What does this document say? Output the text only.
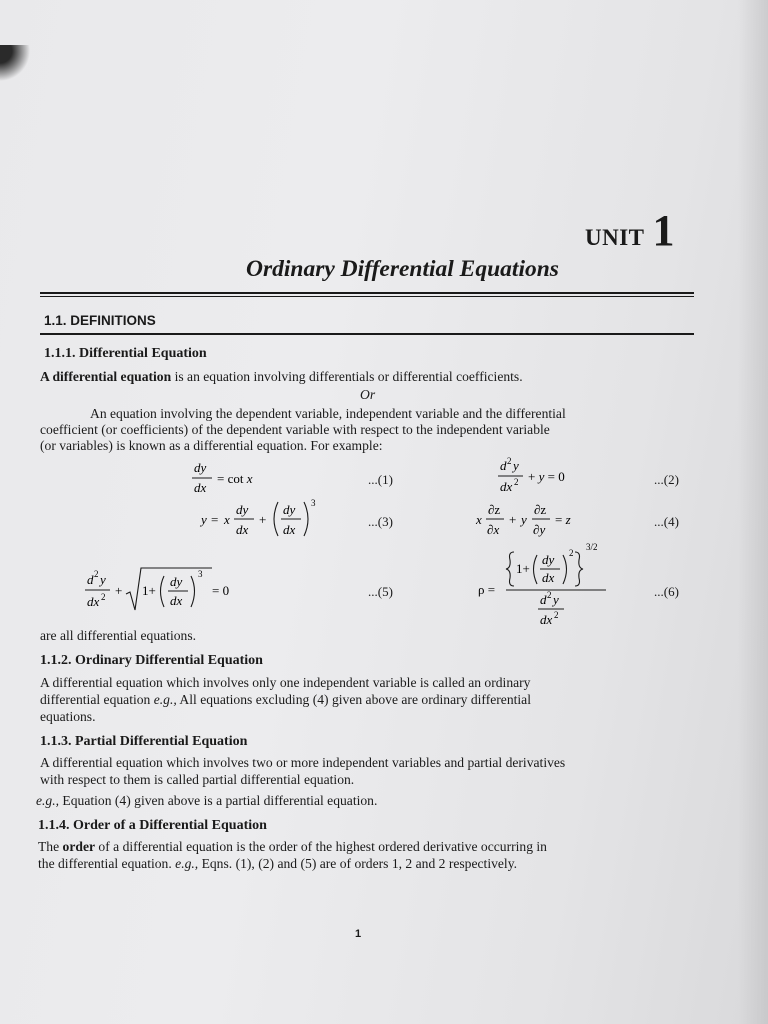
UNIT 1
Ordinary Differential Equations
1.1. DEFINITIONS
1.1.1. Differential Equation
A differential equation is an equation involving differentials or differential coefficients.
Or
An equation involving the dependent variable, independent variable and the differential
coefficient (or coefficients) of the dependent variable with respect to the independent variable
(or variables) is known as a differential equation. For example:
dy
dx
= cot x	...(1)
d 2 y
dx 2 + y = 0	...(2)
y = x
dy
dx
+
dy
dx
3
...(3)	x
∂z
∂x
+ y
∂z
∂y
= z	...(4)
d 2 y
dx 2 + 1+
dy
dx
3
= 0	...(5)	ρ =
1+
dy
dx
2
3/2
d 2 y
dx 2
...(6)
are all differential equations.
1.1.2. Ordinary Differential Equation
A differential equation which involves only one independent variable is called an ordinary
differential equation e.g., All equations excluding (4) given above are ordinary differential
equations.
1.1.3. Partial Differential Equation
A differential equation which involves two or more independent variables and partial derivatives
with respect to them is called partial differential equation.
e.g., Equation (4) given above is a partial differential equation.
1.1.4. Order of a Differential Equation
The order of a differential equation is the order of the highest ordered derivative occurring in
the differential equation. e.g., Eqns. (1), (2) and (5) are of orders 1, 2 and 2 respectively.
1
